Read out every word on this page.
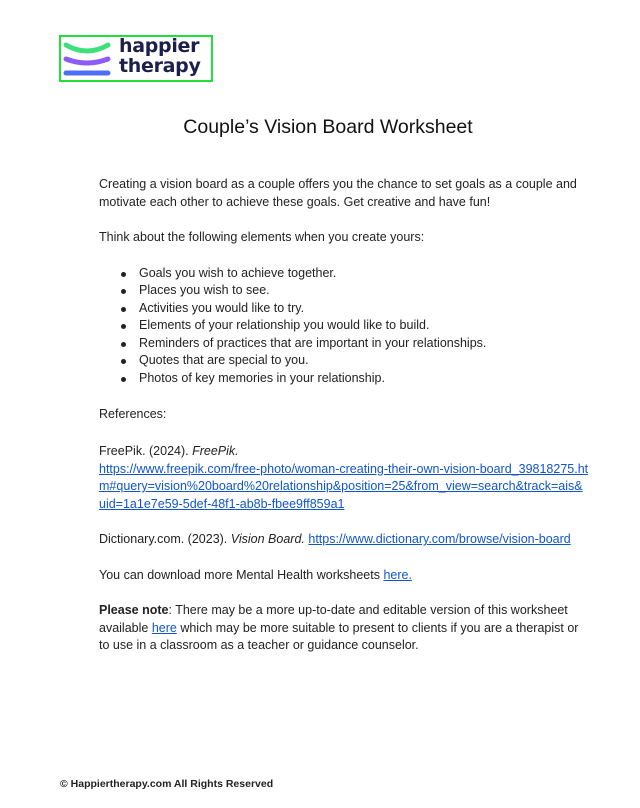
happier
therapy
Couple’s Vision Board Worksheet

Creating a vision board as a couple offers you the chance to set goals as a couple and motivate each other to achieve these goals. Get creative and have fun!

Think about the following elements when you create yours:

Goals you wish to achieve together.
Places you wish to see.
Activities you would like to try.
Elements of your relationship you would like to build.
Reminders of practices that are important in your relationships.
Quotes that are special to you.
Photos of key memories in your relationship.

References:

FreePik. (2024). FreePik.
https://www.freepik.com/free-photo/woman-creating-their-own-vision-board_39818275.htm#query=vision%20board%20relationship&position=25&from_view=search&track=ais&uid=1a1e7e59-5def-48f1-ab8b-fbee9ff859a1

Dictionary.com. (2023). Vision Board. https://www.dictionary.com/browse/vision-board

You can download more Mental Health worksheets here.

Please note: There may be a more up-to-date and editable version of this worksheet available here which may be more suitable to present to clients if you are a therapist or to use in a classroom as a teacher or guidance counselor.

© Happiertherapy.com All Rights Reserved
